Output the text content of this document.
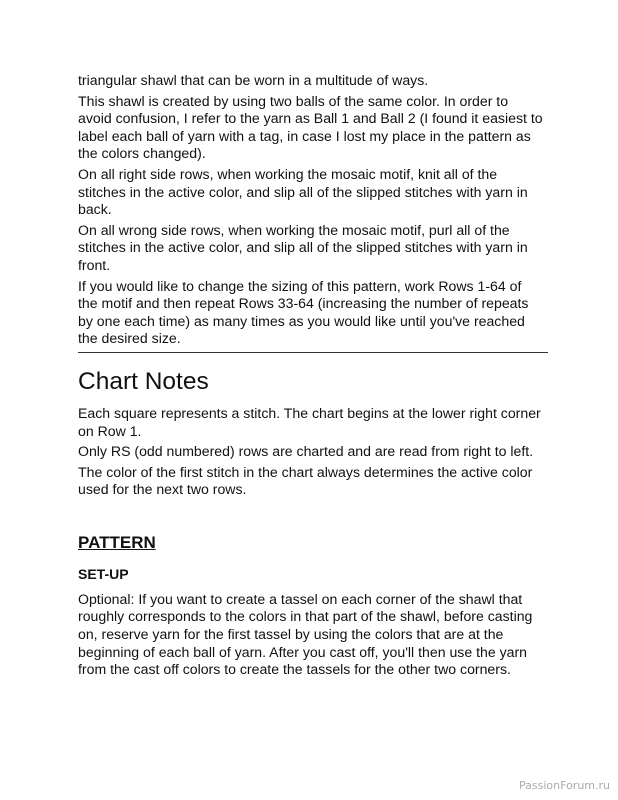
triangular shawl that can be worn in a multitude of ways.

This shawl is created by using two balls of the same color. In order to avoid confusion, I refer to the yarn as Ball 1 and Ball 2 (I found it easiest to label each ball of yarn with a tag, in case I lost my place in the pattern as the colors changed).

On all right side rows, when working the mosaic motif, knit all of the stitches in the active color, and slip all of the slipped stitches with yarn in back.

On all wrong side rows, when working the mosaic motif, purl all of the stitches in the active color, and slip all of the slipped stitches with yarn in front.

If you would like to change the sizing of this pattern, work Rows 1-64 of the motif and then repeat Rows 33-64 (increasing the number of repeats by one each time) as many times as you would like until you've reached the desired size.

Chart Notes

Each square represents a stitch. The chart begins at the lower right corner on Row 1.

Only RS (odd numbered) rows are charted and are read from right to left.

The color of the first stitch in the chart always determines the active color used for the next two rows.

PATTERN
SET-UP

Optional: If you want to create a tassel on each corner of the shawl that roughly corresponds to the colors in that part of the shawl, before casting on, reserve yarn for the first tassel by using the colors that are at the beginning of each ball of yarn. After you cast off, you'll then use the yarn from the cast off colors to create the tassels for the other two corners.

PassionForum.ru
